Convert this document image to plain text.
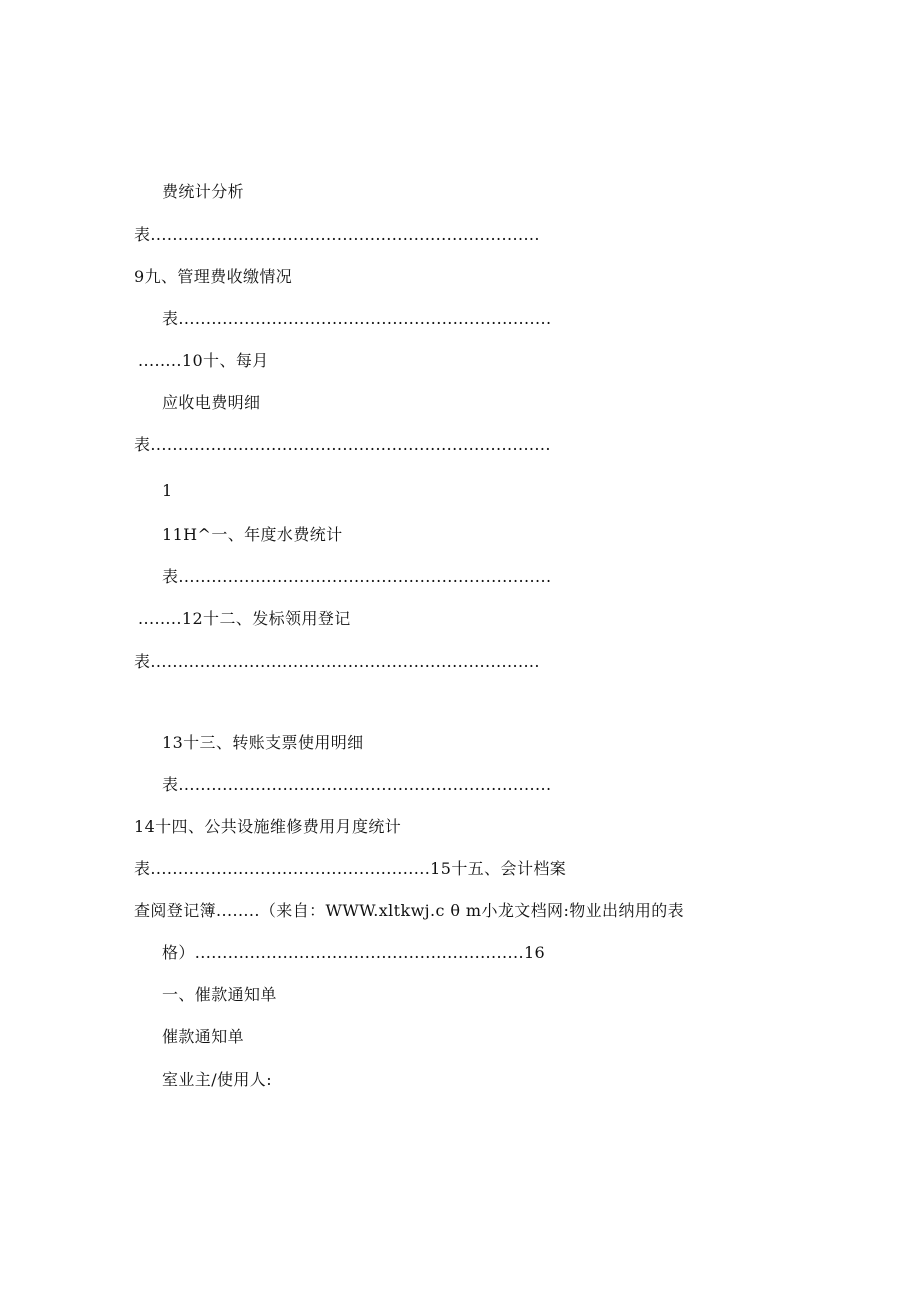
费统计分析
表.......................................................................
9九、管理费收缴情况
表....................................................................
........10十、每月
应收电费明细
表.........................................................................
1
11H^一、年度水费统计
表....................................................................
........12十二、发标领用登记
表.......................................................................
13十三、转账支票使用明细
表....................................................................
14十四、公共设施维修费用月度统计
表...................................................15十五、会计档案
查阅登记簿........（来自：WWW.xltkwj.c θ m小龙文档网:物业出纳用的表
格）............................................................16
一、催款通知单
催款通知单
室业主/使用人:
